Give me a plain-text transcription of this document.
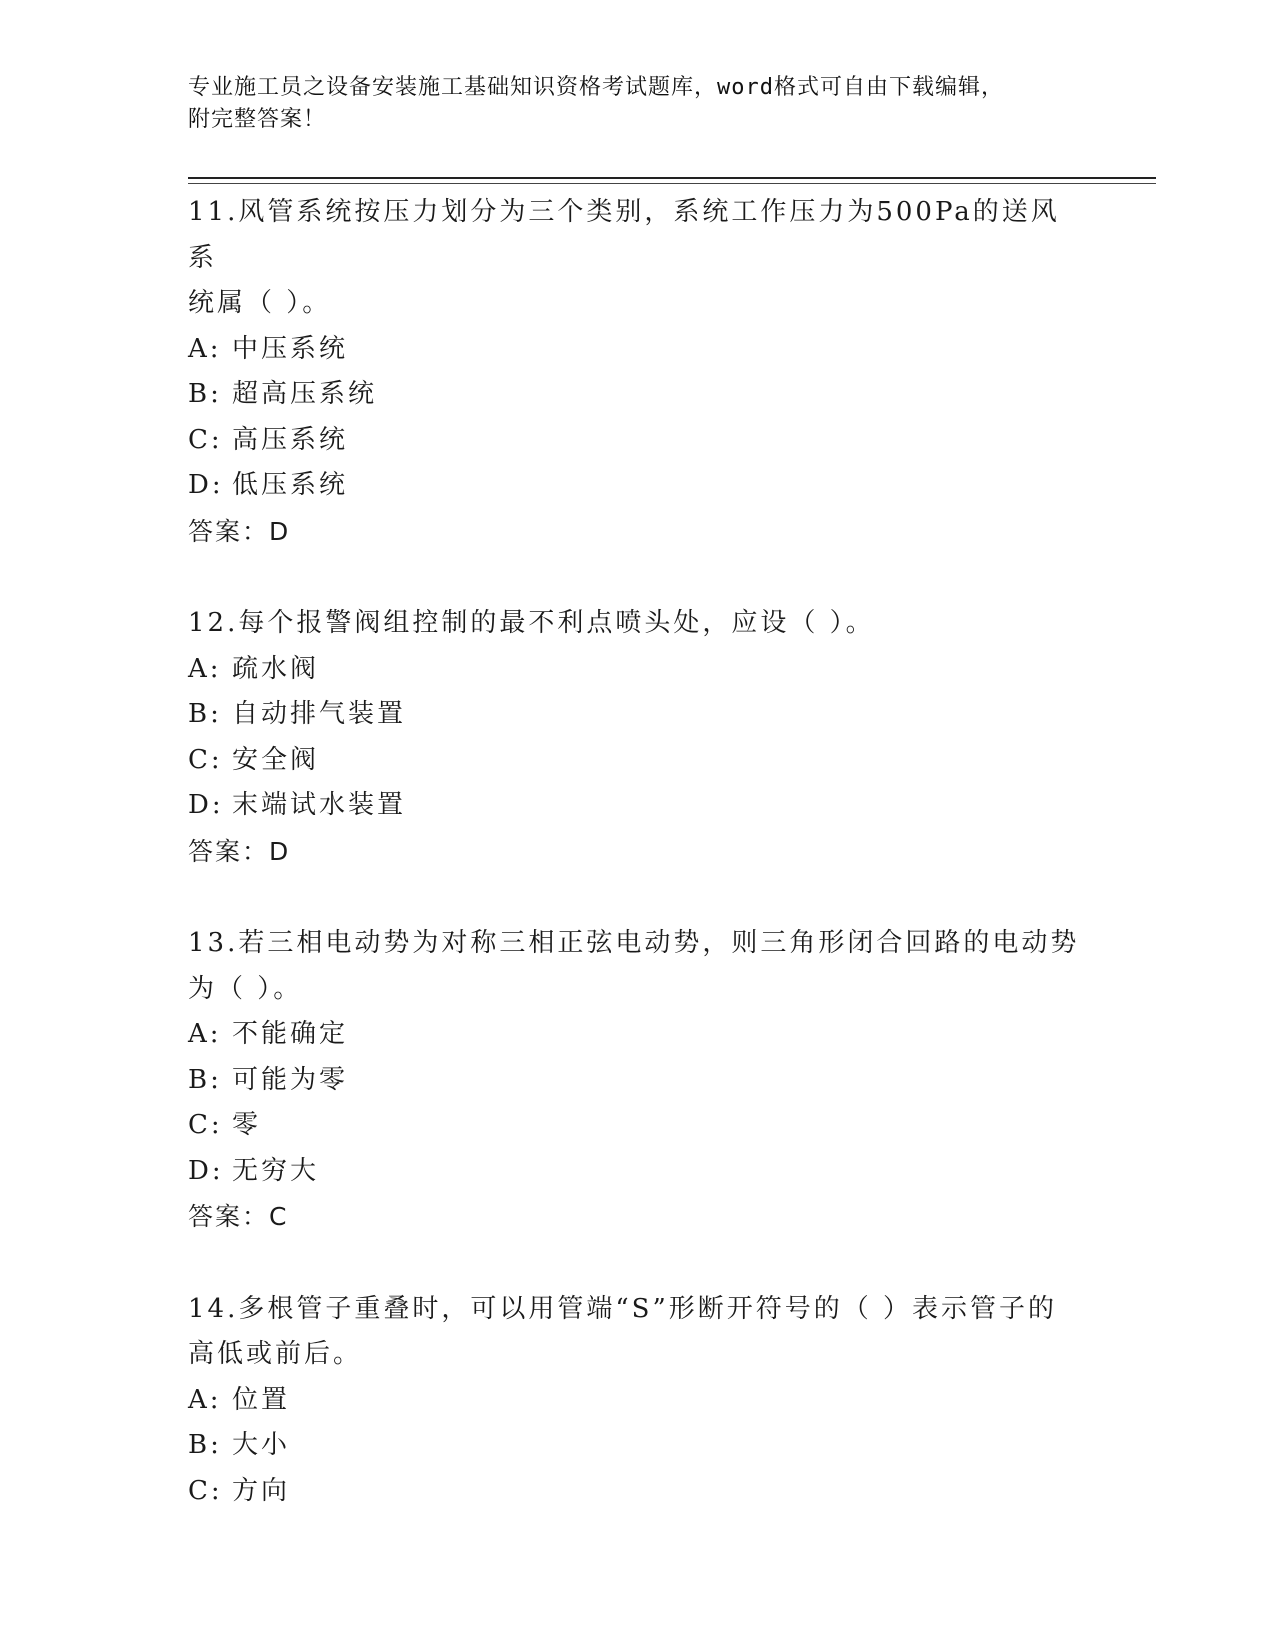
专业施工员之设备安装施工基础知识资格考试题库，word格式可自由下载编辑，
附完整答案！

11.风管系统按压力划分为三个类别，系统工作压力为500Pa的送风系

统属（ ）。

A: 中压系统

B: 超高压系统

C: 高压系统

D: 低压系统

答案：D

12.每个报警阀组控制的最不利点喷头处，应设（ ）。

A: 疏水阀

B: 自动排气装置

C: 安全阀

D: 末端试水装置

答案：D

13.若三相电动势为对称三相正弦电动势，则三角形闭合回路的电动势

为（ ）。

A: 不能确定

B: 可能为零

C: 零

D: 无穷大

答案：C

14.多根管子重叠时，可以用管端“S”形断开符号的（ ）表示管子的

高低或前后。

A: 位置

B: 大小

C: 方向
